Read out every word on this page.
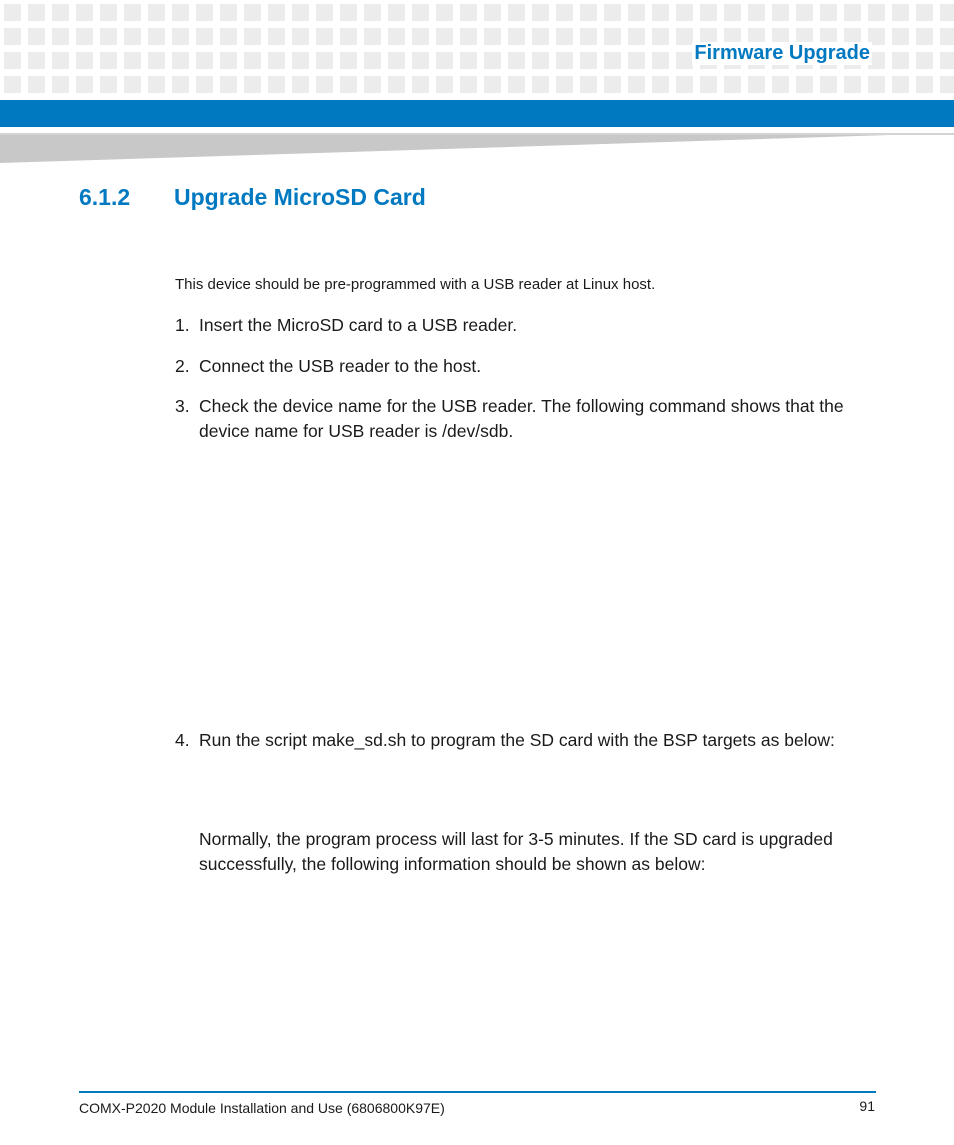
Firmware Upgrade
6.1.2 Upgrade MicroSD Card
This device should be pre-programmed with a USB reader at Linux host.
1. Insert the MicroSD card to a USB reader.
2. Connect the USB reader to the host.
3. Check the device name for the USB reader. The following command shows that the device name for USB reader is /dev/sdb.
4. Run the script make_sd.sh to program the SD card with the BSP targets as below:
Normally, the program process will last for 3-5 minutes. If the SD card is upgraded successfully, the following information should be shown as below:
COMX-P2020 Module Installation and Use (6806800K97E)	91
